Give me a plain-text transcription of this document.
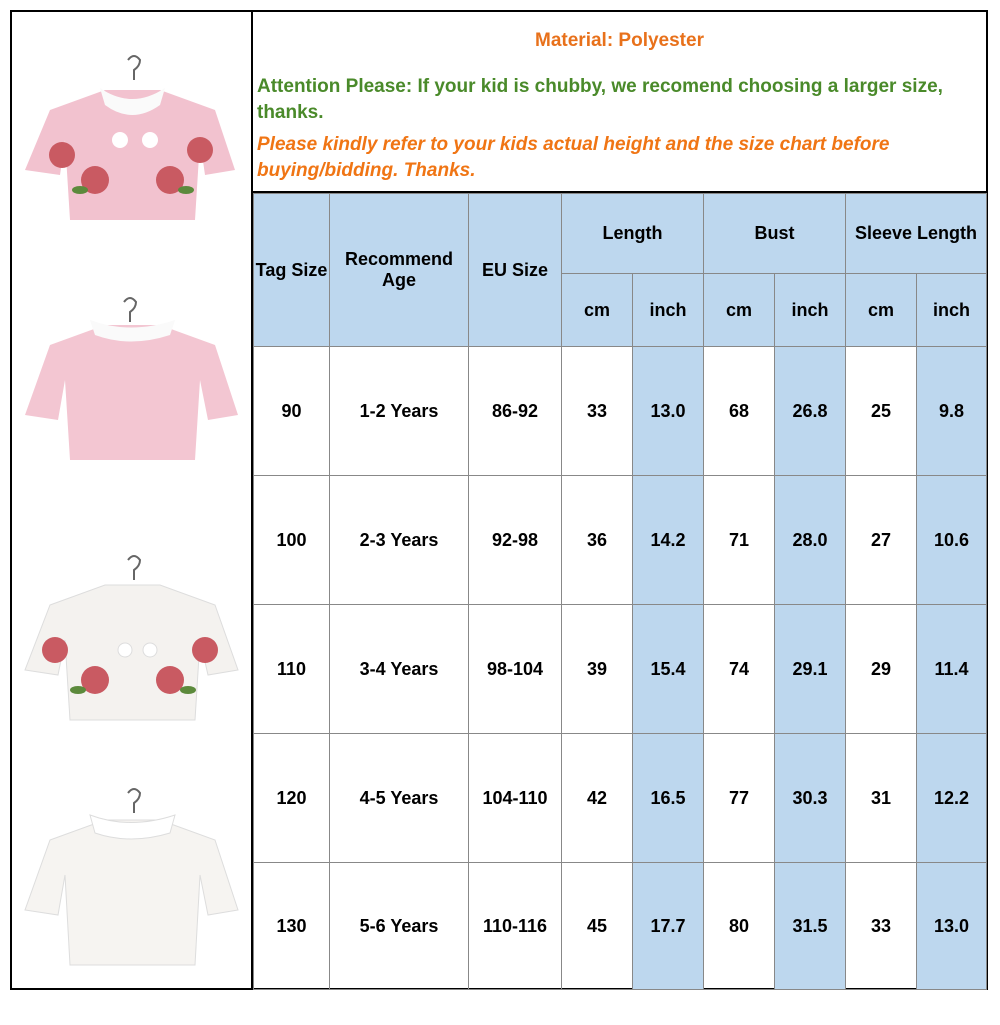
Material: Polyester
Attention Please: If your kid is chubby, we recomend choosing a larger size, thanks.
Please kindly refer to your kids actual height and the size chart before buying/bidding. Thanks.
Tag Size	Recommend Age	EU Size	Length		Bust		Sleeve Length	
			cm	inch	cm	inch	cm	inch
90	1-2 Years	86-92	33	13.0	68	26.8	25	9.8
100	2-3 Years	92-98	36	14.2	71	28.0	27	10.6
110	3-4 Years	98-104	39	15.4	74	29.1	29	11.4
120	4-5 Years	104-110	42	16.5	77	30.3	31	12.2
130	5-6 Years	110-116	45	17.7	80	31.5	33	13.0
